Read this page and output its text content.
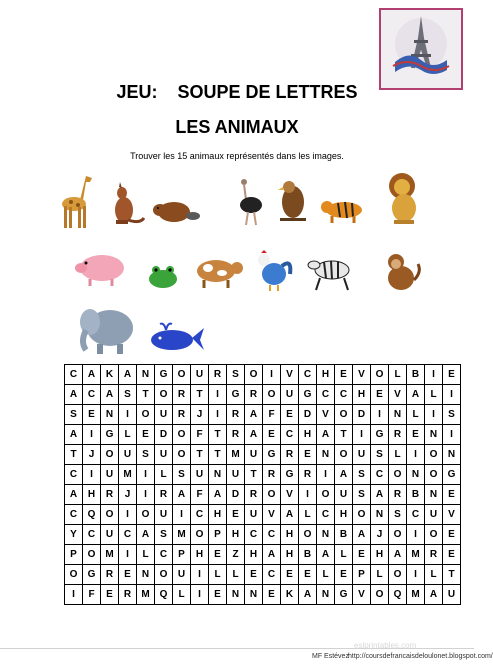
JEU:    SOUPE DE LETTRES
LES ANIMAUX
Trouver les 15 animaux représentés dans les images.
C	A	K	A	N	G	O	U	R	S	O	I	V	C	H	E	V	O	L	B	I	E
A	C	A	S	T	O	R	T	I	G	R	O	U	G	C	C	H	E	V	A	L	I
S	E	N	I	O	U	R	J	I	R	A	F	E	D	V	O	D	I	N	L	I	S
A	I	G	L	E	D	O	F	T	R	A	E	C	H	A	T	I	G	R	E	N	I
T	J	O	U	S	U	O	T	T	M	U	G	R	E	N	O	U	S	L	I	O	N
C	I	U	M	I	L	S	U	N	U	T	R	G	R	I	A	S	C	O	N	O	G
A	H	R	J	I	R	A	F	A	D	R	O	V	I	O	U	S	A	R	B	N	E
C	Q	O	I	O	U	I	C	H	E	U	V	A	L	C	H	O	N	S	C	U	V
Y	C	U	C	A	S	M	O	P	H	C	C	H	O	N	B	A	J	O	I	O	E
P	O	M	I	L	C	P	H	E	Z	H	A	H	B	A	L	E	H	A	M	R	E
O	G	R	E	N	O	U	I	L	L	E	C	E	E	L	E	P	L	O	I	L	T
I	F	E	R	M	Q	L	I	E	N	N	E	K	A	N	G	V	O	Q	M	A	U
eslprintables.com
MF Estévez http://coursdefrancaisdeloulonet.blogspot.com/
